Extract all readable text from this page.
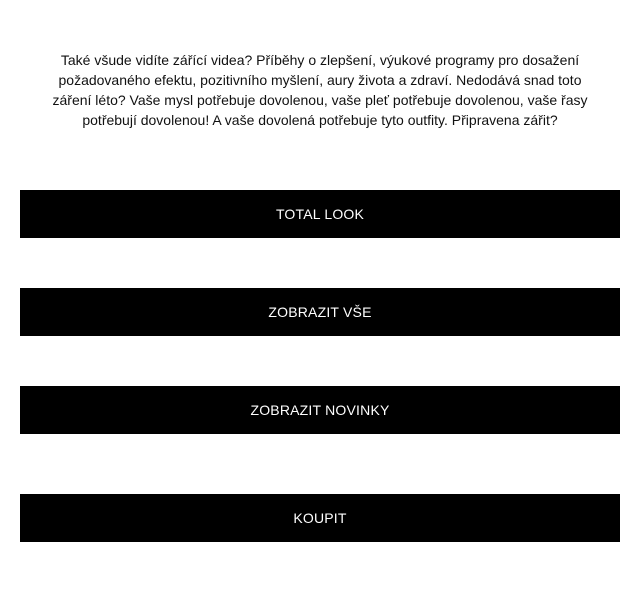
Také všude vidíte zářící videa? Příběhy o zlepšení, výukové programy pro dosažení požadovaného efektu, pozitivního myšlení, aury života a zdraví. Nedodává snad toto záření léto? Vaše mysl potřebuje dovolenou, vaše pleť potřebuje dovolenou, vaše řasy potřebují dovolenou! A vaše dovolená potřebuje tyto outfity. Připravena zářit?

TOTAL LOOK
ZOBRAZIT VŠE
ZOBRAZIT NOVINKY
KOUPIT
